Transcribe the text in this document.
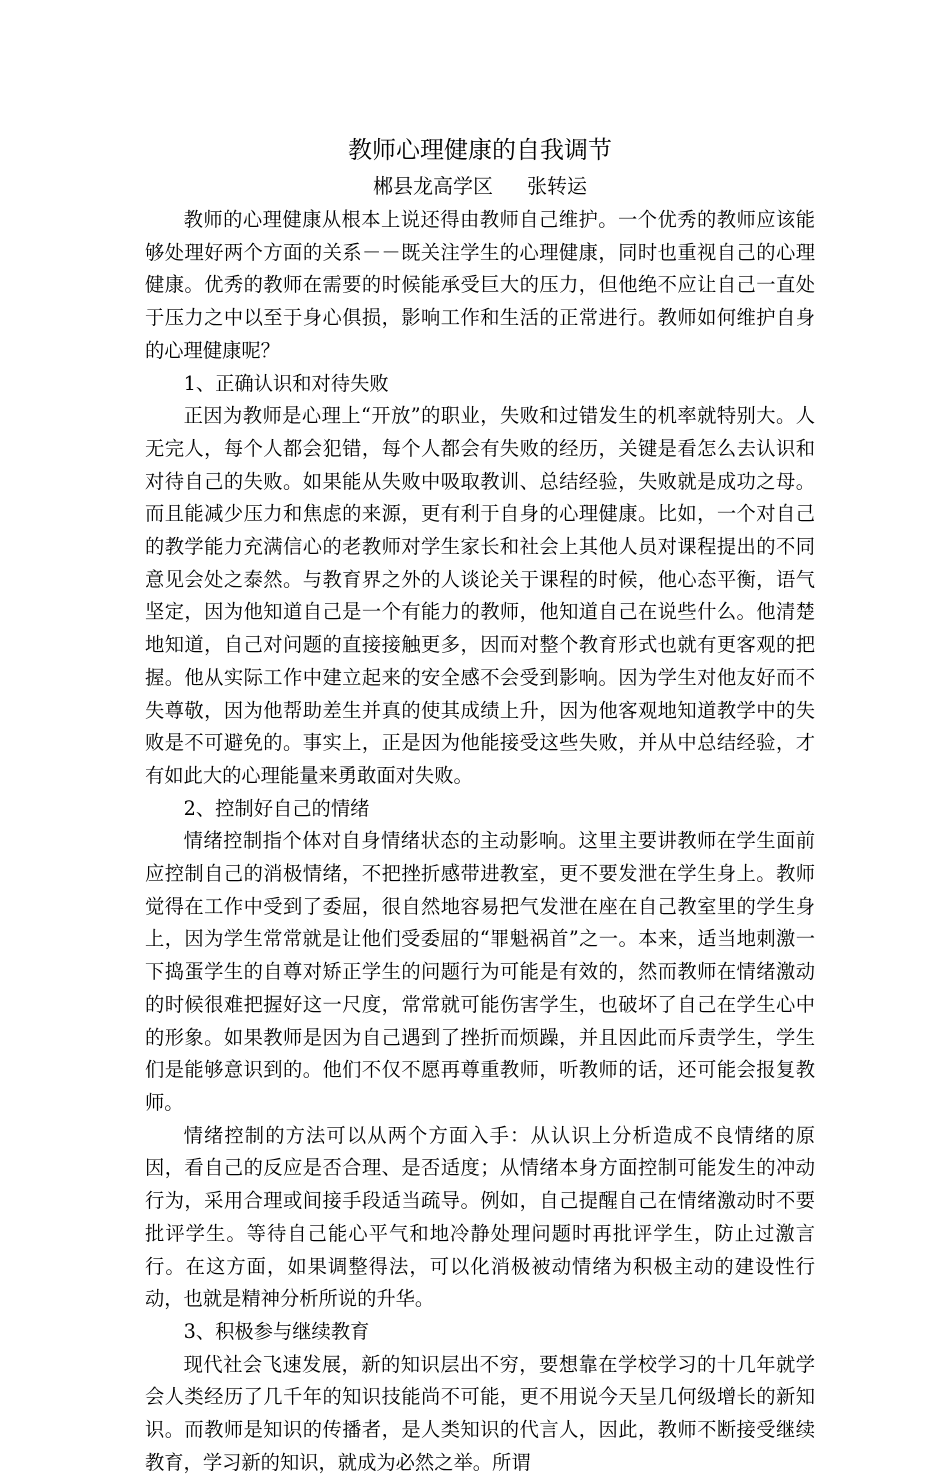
教师心理健康的自我调节

郴县龙高学区 张转运

教师的心理健康从根本上说还得由教师自己维护。一个优秀的教师应该能够处理好两个方面的关系－－既关注学生的心理健康，同时也重视自己的心理健康。优秀的教师在需要的时候能承受巨大的压力，但他绝不应让自己一直处于压力之中以至于身心俱损，影响工作和生活的正常进行。教师如何维护自身的心理健康呢？

1、正确认识和对待失败

正因为教师是心理上“开放”的职业，失败和过错发生的机率就特别大。人无完人，每个人都会犯错，每个人都会有失败的经历，关键是看怎么去认识和对待自己的失败。如果能从失败中吸取教训、总结经验，失败就是成功之母。而且能减少压力和焦虑的来源，更有利于自身的心理健康。比如，一个对自己的教学能力充满信心的老教师对学生家长和社会上其他人员对课程提出的不同意见会处之泰然。与教育界之外的人谈论关于课程的时候，他心态平衡，语气坚定，因为他知道自己是一个有能力的教师，他知道自己在说些什么。他清楚地知道，自己对问题的直接接触更多，因而对整个教育形式也就有更客观的把握。他从实际工作中建立起来的安全感不会受到影响。因为学生对他友好而不失尊敬，因为他帮助差生并真的使其成绩上升，因为他客观地知道教学中的失败是不可避免的。事实上，正是因为他能接受这些失败，并从中总结经验，才有如此大的心理能量来勇敢面对失败。

2、控制好自己的情绪

情绪控制指个体对自身情绪状态的主动影响。这里主要讲教师在学生面前应控制自己的消极情绪，不把挫折感带进教室，更不要发泄在学生身上。教师觉得在工作中受到了委屈，很自然地容易把气发泄在座在自己教室里的学生身上，因为学生常常就是让他们受委屈的“罪魁祸首”之一。本来，适当地刺激一下捣蛋学生的自尊对矫正学生的问题行为可能是有效的，然而教师在情绪激动的时候很难把握好这一尺度，常常就可能伤害学生，也破坏了自己在学生心中的形象。如果教师是因为自己遇到了挫折而烦躁，并且因此而斥责学生，学生们是能够意识到的。他们不仅不愿再尊重教师，听教师的话，还可能会报复教师。

情绪控制的方法可以从两个方面入手：从认识上分析造成不良情绪的原因，看自己的反应是否合理、是否适度；从情绪本身方面控制可能发生的冲动行为，采用合理或间接手段适当疏导。例如，自己提醒自己在情绪激动时不要批评学生。等待自己能心平气和地冷静处理问题时再批评学生，防止过激言行。在这方面，如果调整得法，可以化消极被动情绪为积极主动的建设性行动，也就是精神分析所说的升华。

3、积极参与继续教育

现代社会飞速发展，新的知识层出不穷，要想靠在学校学习的十几年就学会人类经历了几千年的知识技能尚不可能，更不用说今天呈几何级增长的新知识。而教师是知识的传播者，是人类知识的代言人，因此，教师不断接受继续教育，学习新的知识，就成为必然之举。所谓
